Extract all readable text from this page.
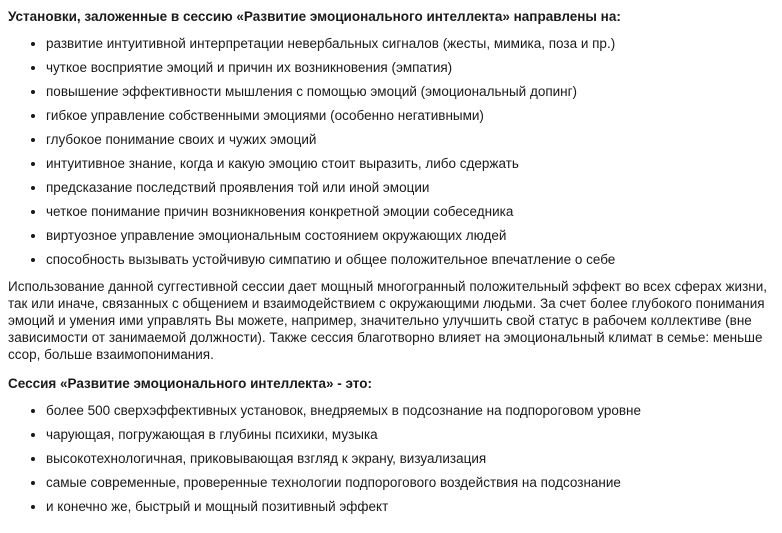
Установки, заложенные в сессию «Развитие эмоционального интеллекта» направлены на:
• развитие интуитивной интерпретации невербальных сигналов (жесты, мимика, поза и пр.)
• чуткое восприятие эмоций и причин их возникновения (эмпатия)
• повышение эффективности мышления с помощью эмоций (эмоциональный допинг)
• гибкое управление собственными эмоциями (особенно негативными)
• глубокое понимание своих и чужих эмоций
• интуитивное знание, когда и какую эмоцию стоит выразить, либо сдержать
• предсказание последствий проявления той или иной эмоции
• четкое понимание причин возникновения конкретной эмоции собеседника
• виртуозное управление эмоциональным состоянием окружающих людей
• способность вызывать устойчивую симпатию и общее положительное впечатление о себе

Использование данной суггестивной сессии дает мощный многогранный положительный эффект во всех сферах жизни, так или иначе, связанных с общением и взаимодействием с окружающими людьми. За счет более глубокого понимания эмоций и умения ими управлять Вы можете, например, значительно улучшить свой статус в рабочем коллективе (вне зависимости от занимаемой должности). Также сессия благотворно влияет на эмоциональный климат в семье: меньше ссор, больше взаимопонимания.

Сессия «Развитие эмоционального интеллекта» - это:
• более 500 сверхэффективных установок, внедряемых в подсознание на подпороговом уровне
• чарующая, погружающая в глубины психики, музыка
• высокотехнологичная, приковывающая взгляд к экрану, визуализация
• самые современные, проверенные технологии подпорогового воздействия на подсознание
• и конечно же, быстрый и мощный позитивный эффект
